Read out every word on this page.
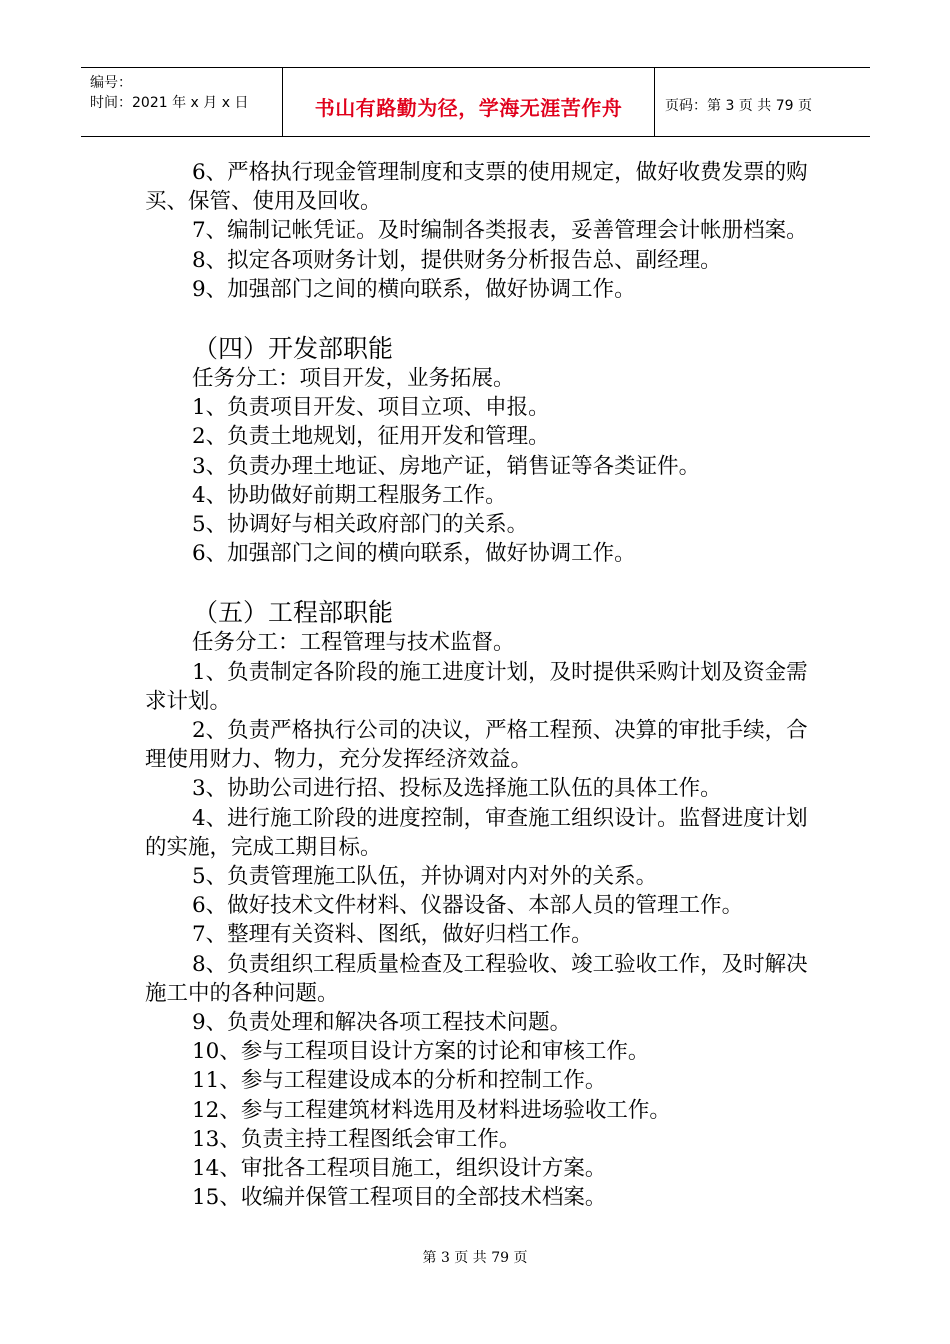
编号：
时间：2021 年 x 月 x 日	书山有路勤为径，学海无涯苦作舟	页码：第 3 页 共 79 页

6、严格执行现金管理制度和支票的使用规定，做好收费发票的购买、保管、使用及回收。

7、编制记帐凭证。及时编制各类报表，妥善管理会计帐册档案。

8、拟定各项财务计划，提供财务分析报告总、副经理。

9、加强部门之间的横向联系，做好协调工作。

（四）开发部职能

任务分工：项目开发，业务拓展。

1、负责项目开发、项目立项、申报。

2、负责土地规划，征用开发和管理。

3、负责办理土地证、房地产证，销售证等各类证件。

4、协助做好前期工程服务工作。

5、协调好与相关政府部门的关系。

6、加强部门之间的横向联系，做好协调工作。

（五）工程部职能

任务分工：工程管理与技术监督。

1、负责制定各阶段的施工进度计划，及时提供采购计划及资金需求计划。

2、负责严格执行公司的决议，严格工程预、决算的审批手续，合理使用财力、物力，充分发挥经济效益。

3、协助公司进行招、投标及选择施工队伍的具体工作。

4、进行施工阶段的进度控制，审查施工组织设计。监督进度计划的实施，完成工期目标。

5、负责管理施工队伍，并协调对内对外的关系。

6、做好技术文件材料、仪器设备、本部人员的管理工作。

7、整理有关资料、图纸，做好归档工作。

8、负责组织工程质量检查及工程验收、竣工验收工作，及时解决施工中的各种问题。

9、负责处理和解决各项工程技术问题。

10、参与工程项目设计方案的讨论和审核工作。

11、参与工程建设成本的分析和控制工作。

12、参与工程建筑材料选用及材料进场验收工作。

13、负责主持工程图纸会审工作。

14、审批各工程项目施工，组织设计方案。

15、收编并保管工程项目的全部技术档案。

第 3 页 共 79 页
